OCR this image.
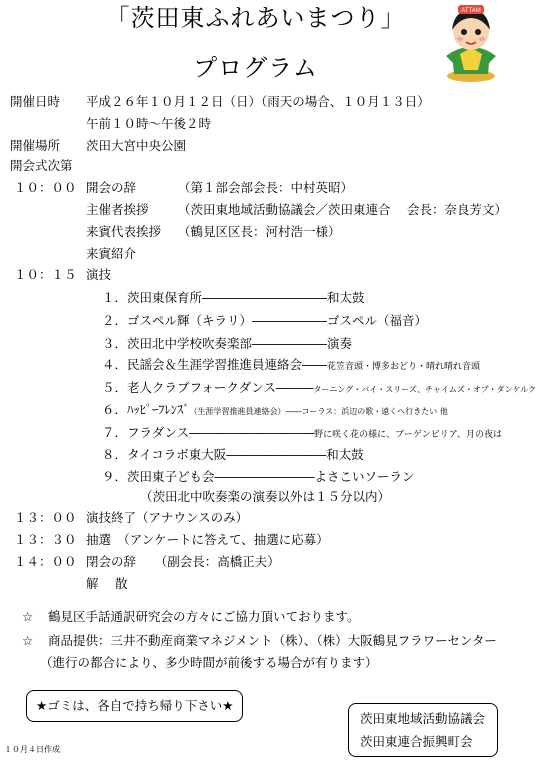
「茨田東ふれあいまつり」
プログラム
ATTAM
開催日時 平成２６年１０月１２日（日）（雨天の場合、１０月１３日）
午前１０時～午後２時
開催場所 茨田大宮中央公園
開会式次第
１０：００ 開会の辞	（第１部会部会長：中村英昭）
主催者挨拶 （茨田東地域活動協議会／茨田東連合　 会長：奈良芳文）
来賓代表挨拶 （鶴見区区長：河村浩一様）
来賓紹介
１０：１５ 演技
１．茨田東保育所――――――――――和太鼓
２．ゴスペル輝（キラリ）――――――ゴスペル（福音）
３．茨田北中学校吹奏楽部――――――演奏
４．民謡会＆生涯学習推進員連絡会――花笠音頭・博多おどり・晴れ晴れ音頭
５．老人クラブフォークダンス―――ターニング・バイ・スリーズ、チャイムズ・オブ・ダンケルク
６．ﾊｯﾋﾟｰﾌﾚﾝｽﾞ（生涯学習推進員連絡会）――コーラス：浜辺の歌・遠くへ行きたい 他
７．フラダンス――――――――――野に咲く花の様に、ブーゲンビリア、月の夜は
８．タイコラボ東大阪――――――――和太鼓
９．茨田東子ども会――――――――よさこいソーラン
（茨田北中吹奏楽の演奏以外は１５分以内）
１３：００ 演技終了（アナウンスのみ）
１３：３０ 抽選　（アンケートに答えて、抽選に応募）
１４：００ 閉会の辞　　（副会長：高橋正夫）
解　 散
☆ 鶴見区手話通訳研究会の方々にご協力頂いております。
☆ 商品提供：三井不動産商業マネジメント（株）、（株）大阪鶴見フラワーセンター
（進行の都合により、多少時間が前後する場合が有ります）
★ゴミは、各自で持ち帰り下さい★
茨田東地域活動協議会
茨田東連合振興町会
１０月４日作成
